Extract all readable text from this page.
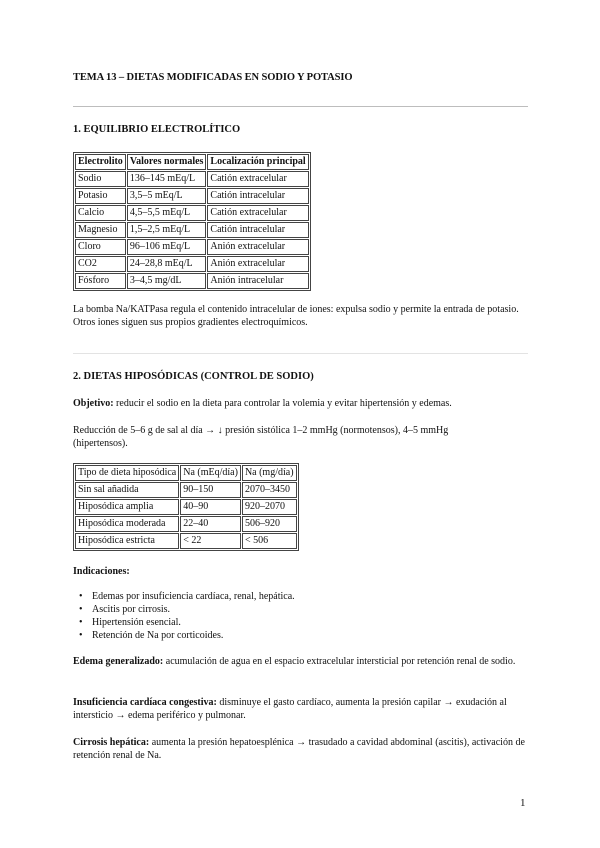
TEMA 13 – DIETAS MODIFICADAS EN SODIO Y POTASIO
1. EQUILIBRIO ELECTROLÍTICO
Electrolito	Valores normales	Localización principal
Sodio	136–145 mEq/L	Catión extracelular
Potasio	3,5–5 mEq/L	Catión intracelular
Calcio	4,5–5,5 mEq/L	Catión extracelular
Magnesio	1,5–2,5 mEq/L	Catión intracelular
Cloro	96–106 mEq/L	Anión extracelular
CO2	24–28,8 mEq/L	Anión extracelular
Fósforo	3–4,5 mg/dL	Anión intracelular
La bomba Na/KATPasa regula el contenido intracelular de iones: expulsa sodio y permite la entrada de potasio. Otros iones siguen sus propios gradientes electroquímicos.
2. DIETAS HIPOSÓDICAS (CONTROL DE SODIO)
Objetivo: reducir el sodio en la dieta para controlar la volemia y evitar hipertensión y edemas.
Reducción de 5–6 g de sal al día → ↓ presión sistólica 1–2 mmHg (normotensos), 4–5 mmHg (hipertensos).
Tipo de dieta hiposódica	Na (mEq/día)	Na (mg/día)
Sin sal añadida	90–150	2070–3450
Hiposódica amplia	40–90	920–2070
Hiposódica moderada	22–40	506–920
Hiposódica estricta	< 22	< 506
Indicaciones:
• Edemas por insuficiencia cardíaca, renal, hepática.
• Ascitis por cirrosis.
• Hipertensión esencial.
• Retención de Na por corticoides.
Edema generalizado: acumulación de agua en el espacio extracelular intersticial por retención renal de sodio.
Insuficiencia cardíaca congestiva: disminuye el gasto cardíaco, aumenta la presión capilar → exudación al intersticio → edema periférico y pulmonar.
Cirrosis hepática: aumenta la presión hepatoesplénica → trasudado a cavidad abdominal (ascitis), activación de retención renal de Na.
1
